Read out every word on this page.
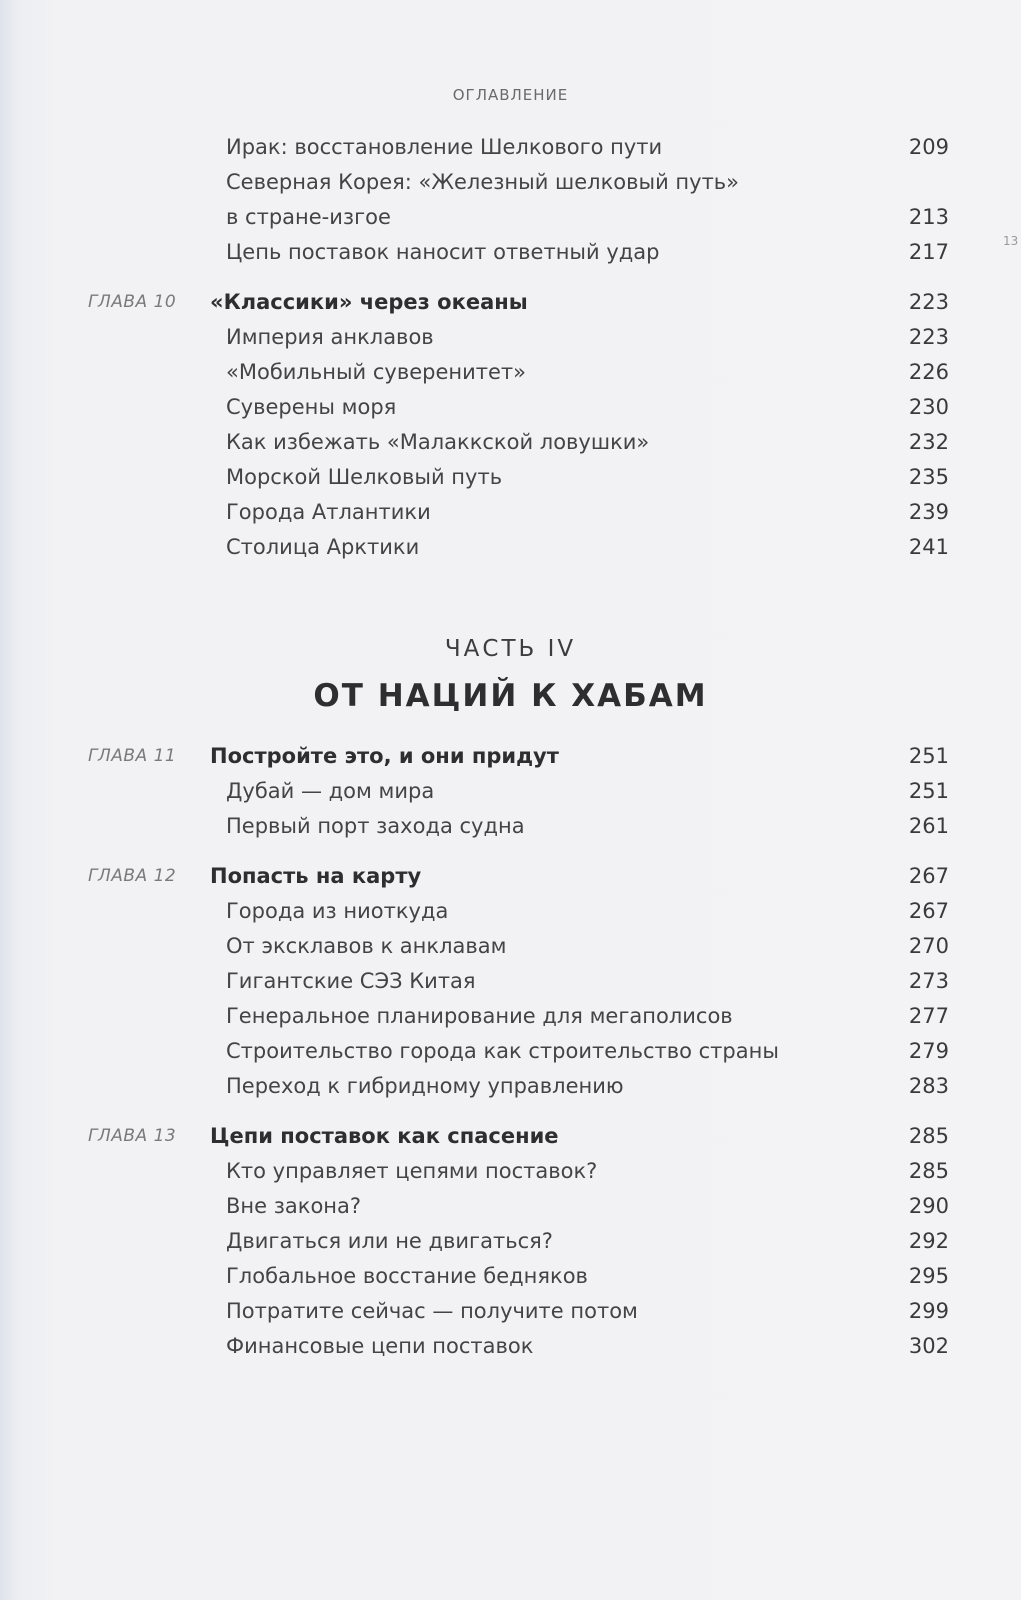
ОГЛАВЛЕНИЕ
13
Ирак: восстановление Шелкового пути	209
Северная Корея: «Железный шелковый путь»
в стране-изгое	213
Цепь поставок наносит ответный удар	217
ГЛАВА 10	«Классики» через океаны	223
Империя анклавов	223
«Мобильный суверенитет»	226
Суверены моря	230
Как избежать «Малаккской ловушки»	232
Морской Шелковый путь	235
Города Атлантики	239
Столица Арктики	241
ЧАСТЬ IV
ОТ НАЦИЙ К ХАБАМ
ГЛАВА 11	Постройте это, и они придут	251
Дубай — дом мира	251
Первый порт захода судна	261
ГЛАВА 12	Попасть на карту	267
Города из ниоткуда	267
От эксклавов к анклавам	270
Гигантские СЭЗ Китая	273
Генеральное планирование для мегаполисов	277
Строительство города как строительство страны	279
Переход к гибридному управлению	283
ГЛАВА 13	Цепи поставок как спасение	285
Кто управляет цепями поставок?	285
Вне закона?	290
Двигаться или не двигаться?	292
Глобальное восстание бедняков	295
Потратите сейчас — получите потом	299
Финансовые цепи поставок	302
